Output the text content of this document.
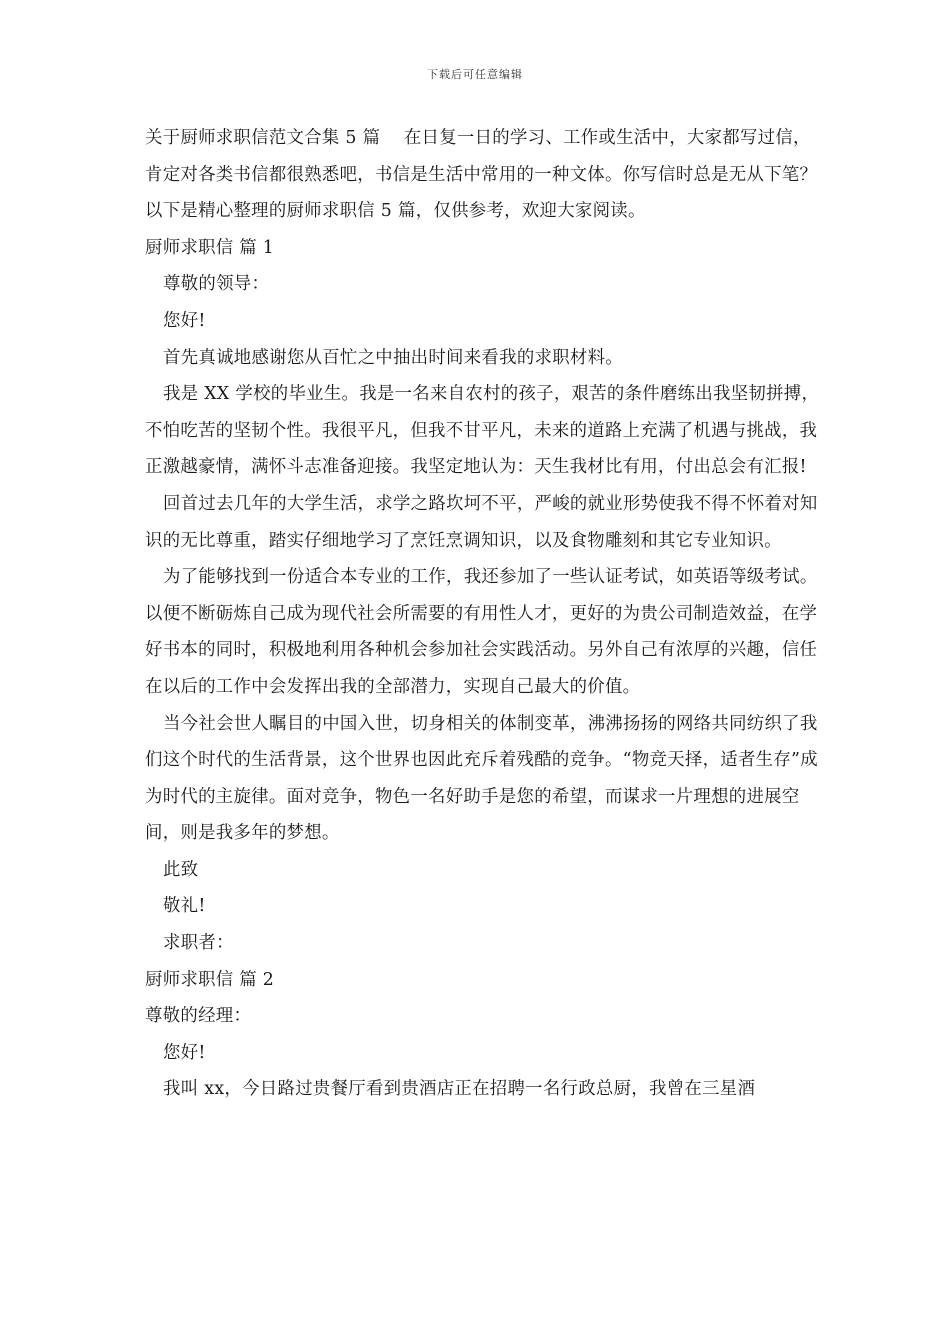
下载后可任意编辑

关于厨师求职信范文合集 5 篇　 在日复一日的学习、工作或生活中，大家都写过信，肯定对各类书信都很熟悉吧，书信是生活中常用的一种文体。你写信时总是无从下笔？以下是精心整理的厨师求职信 5 篇，仅供参考，欢迎大家阅读。

厨师求职信 篇 1

尊敬的领导：

您好!

首先真诚地感谢您从百忙之中抽出时间来看我的求职材料。

我是 XX 学校的毕业生。我是一名来自农村的孩子，艰苦的条件磨练出我坚韧拼搏，不怕吃苦的坚韧个性。我很平凡，但我不甘平凡，未来的道路上充满了机遇与挑战，我正激越豪情，满怀斗志准备迎接。我坚定地认为：天生我材比有用，付出总会有汇报!

回首过去几年的大学生活，求学之路坎坷不平，严峻的就业形势使我不得不怀着对知识的无比尊重，踏实仔细地学习了烹饪烹调知识，以及食物雕刻和其它专业知识。

为了能够找到一份适合本专业的工作，我还参加了一些认证考试，如英语等级考试。以便不断砺炼自己成为现代社会所需要的有用性人才，更好的为贵公司制造效益，在学好书本的同时，积极地利用各种机会参加社会实践活动。另外自己有浓厚的兴趣，信任在以后的工作中会发挥出我的全部潜力，实现自己最大的价值。

当今社会世人瞩目的中国入世，切身相关的体制变革，沸沸扬扬的网络共同纺织了我们这个时代的生活背景，这个世界也因此充斥着残酷的竞争。“物竞天择，适者生存”成为时代的主旋律。面对竞争，物色一名好助手是您的希望，而谋求一片理想的进展空间，则是我多年的梦想。

此致

敬礼!

求职者：

厨师求职信 篇 2

尊敬的经理：

您好!

我叫 xx，今日路过贵餐厅看到贵酒店正在招聘一名行政总厨，我曾在三星酒
